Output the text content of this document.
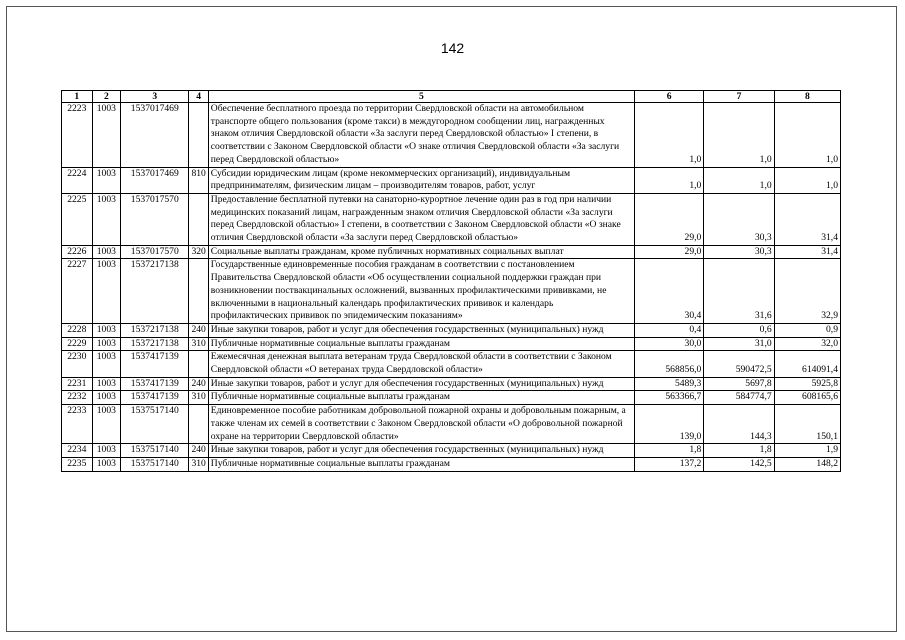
142
1	2	3	4	5	6	7	8
2223	1003	1537017469		Обеспечение бесплатного проезда по территории Свердловской области на автомобильном транспорте общего пользования (кроме такси) в междугородном сообщении лиц, награжденных знаком отличия Свердловской области «За заслуги перед Свердловской областью» I степени, в соответствии с Законом Свердловской области «О знаке отличия Свердловской области «За заслуги перед Свердловской областью»	1,0	1,0	1,0
2224	1003	1537017469	810	Субсидии юридическим лицам (кроме некоммерческих организаций), индивидуальным предпринимателям, физическим лицам – производителям товаров, работ, услуг	1,0	1,0	1,0
2225	1003	1537017570		Предоставление бесплатной путевки на санаторно-курортное лечение один раз в год при наличии медицинских показаний лицам, награжденным знаком отличия Свердловской области «За заслуги перед Свердловской областью» I степени, в соответствии с Законом Свердловской области «О знаке отличия Свердловской области «За заслуги перед Свердловской областью»	29,0	30,3	31,4
2226	1003	1537017570	320	Социальные выплаты гражданам, кроме публичных нормативных социальных выплат	29,0	30,3	31,4
2227	1003	1537217138		Государственные единовременные пособия гражданам в соответствии с постановлением Правительства Свердловской области «Об осуществлении социальной поддержки граждан при возникновении поствакцинальных осложнений, вызванных профилактическими прививками, не включенными в национальный календарь профилактических прививок и календарь профилактических прививок по эпидемическим показаниям»	30,4	31,6	32,9
2228	1003	1537217138	240	Иные закупки товаров, работ и услуг для обеспечения государственных (муниципальных) нужд	0,4	0,6	0,9
2229	1003	1537217138	310	Публичные нормативные социальные выплаты гражданам	30,0	31,0	32,0
2230	1003	1537417139		Ежемесячная денежная выплата ветеранам труда Свердловской области в соответствии с Законом Свердловской области «О ветеранах труда Свердловской области»	568856,0	590472,5	614091,4
2231	1003	1537417139	240	Иные закупки товаров, работ и услуг для обеспечения государственных (муниципальных) нужд	5489,3	5697,8	5925,8
2232	1003	1537417139	310	Публичные нормативные социальные выплаты гражданам	563366,7	584774,7	608165,6
2233	1003	1537517140		Единовременное пособие работникам добровольной пожарной охраны и добровольным пожарным, а также членам их семей в соответствии с Законом Свердловской области «О добровольной пожарной охране на территории Свердловской области»	139,0	144,3	150,1
2234	1003	1537517140	240	Иные закупки товаров, работ и услуг для обеспечения государственных (муниципальных) нужд	1,8	1,8	1,9
2235	1003	1537517140	310	Публичные нормативные социальные выплаты гражданам	137,2	142,5	148,2
